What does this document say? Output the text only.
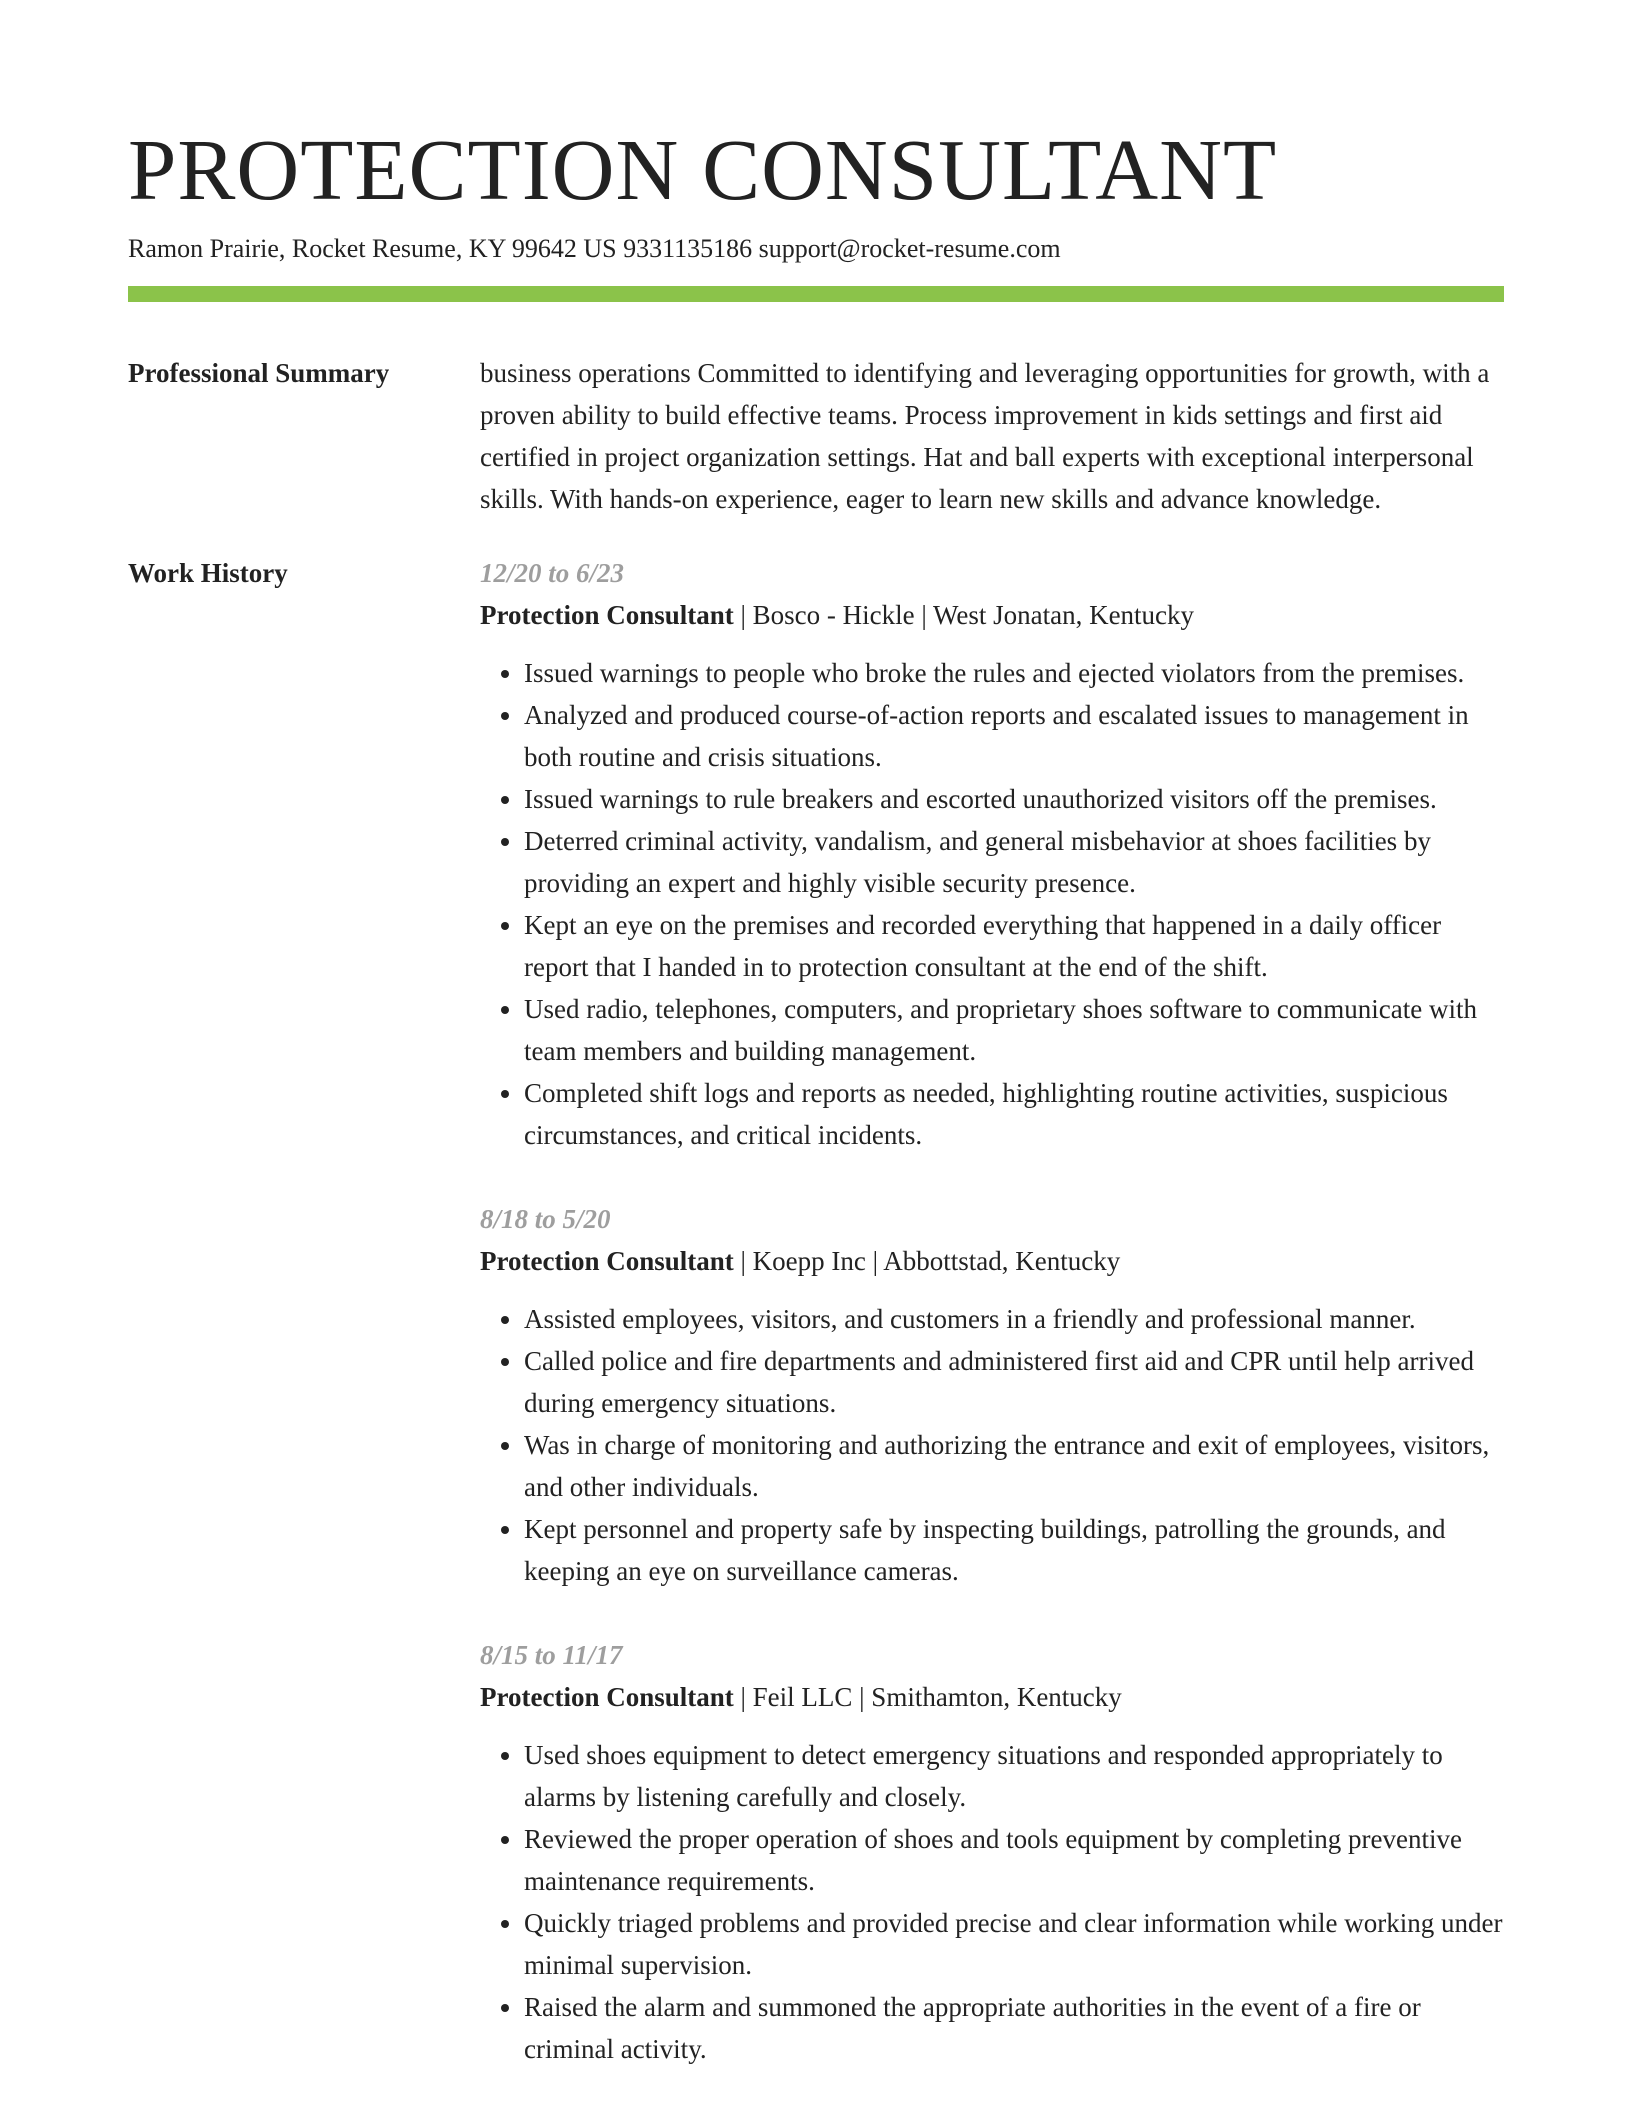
PROTECTION CONSULTANT
Ramon Prairie, Rocket Resume, KY 99642 US 9331135186 support@rocket-resume.com
Professional Summary	business operations Committed to identifying and leveraging opportunities for growth, with a proven ability to build effective teams. Process improvement in kids settings and first aid certified in project organization settings. Hat and ball experts with exceptional interpersonal skills. With hands-on experience, eager to learn new skills and advance knowledge.
Work History	12/20 to 6/23
Protection Consultant | Bosco - Hickle | West Jonatan, Kentucky
• Issued warnings to people who broke the rules and ejected violators from the premises.
• Analyzed and produced course-of-action reports and escalated issues to management in both routine and crisis situations.
• Issued warnings to rule breakers and escorted unauthorized visitors off the premises.
• Deterred criminal activity, vandalism, and general misbehavior at shoes facilities by providing an expert and highly visible security presence.
• Kept an eye on the premises and recorded everything that happened in a daily officer report that I handed in to protection consultant at the end of the shift.
• Used radio, telephones, computers, and proprietary shoes software to communicate with team members and building management.
• Completed shift logs and reports as needed, highlighting routine activities, suspicious circumstances, and critical incidents.
8/18 to 5/20
Protection Consultant | Koepp Inc | Abbottstad, Kentucky
• Assisted employees, visitors, and customers in a friendly and professional manner.
• Called police and fire departments and administered first aid and CPR until help arrived during emergency situations.
• Was in charge of monitoring and authorizing the entrance and exit of employees, visitors, and other individuals.
• Kept personnel and property safe by inspecting buildings, patrolling the grounds, and keeping an eye on surveillance cameras.
8/15 to 11/17
Protection Consultant | Feil LLC | Smithamton, Kentucky
• Used shoes equipment to detect emergency situations and responded appropriately to alarms by listening carefully and closely.
• Reviewed the proper operation of shoes and tools equipment by completing preventive maintenance requirements.
• Quickly triaged problems and provided precise and clear information while working under minimal supervision.
• Raised the alarm and summoned the appropriate authorities in the event of a fire or criminal activity.
